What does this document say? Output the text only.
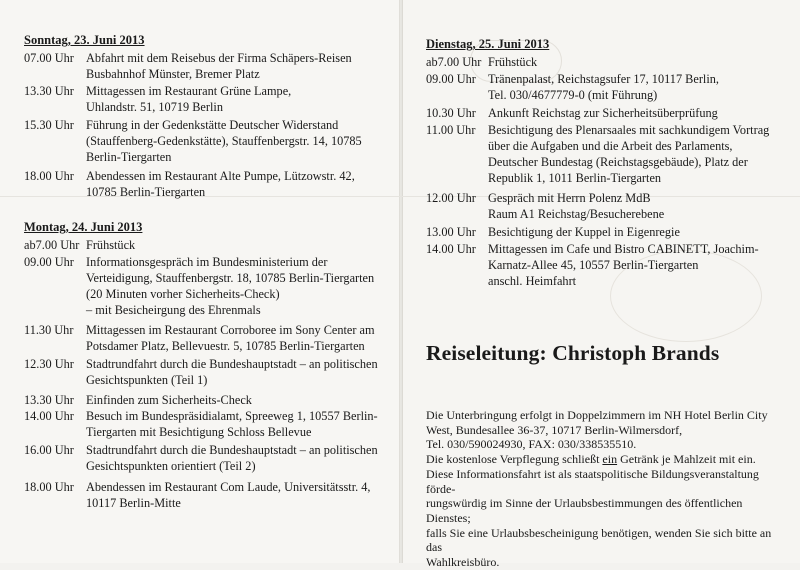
Sonntag, 23. Juni 2013
07.00 Uhr Abfahrt mit dem Reisebus der Firma Schäpers-Reisen
Busbahnhof Münster, Bremer Platz
13.30 Uhr Mittagessen im Restaurant Grüne Lampe,
Uhlandstr. 51, 10719 Berlin
15.30 Uhr Führung in der Gedenkstätte Deutscher Widerstand
(Stauffenberg-Gedenkstätte), Stauffenbergstr. 14, 10785
Berlin-Tiergarten
18.00 Uhr Abendessen im Restaurant Alte Pumpe, Lützowstr. 42,
10785 Berlin-Tiergarten
Montag, 24. Juni 2013
ab7.00 Uhr Frühstück
09.00 Uhr Informationsgespräch im Bundesministerium der
Verteidigung, Stauffenbergstr. 18, 10785 Berlin-Tiergarten
(20 Minuten vorher Sicherheits-Check)
– mit Besicheirgung des Ehrenmals
11.30 Uhr	Mittagessen im Restaurant Corroboree im Sony Center am
Potsdamer Platz, Bellevuestr. 5, 10785 Berlin-Tiergarten
12.30 Uhr Stadtrundfahrt durch die Bundeshauptstadt – an politischen
Gesichtspunkten (Teil 1)
13.30 Uhr Einfinden zum Sicherheits-Check
14.00 Uhr Besuch im Bundespräsidialamt, Spreeweg 1, 10557 Berlin-
Tiergarten mit Besichtigung Schloss Bellevue
16.00 Uhr Stadtrundfahrt durch die Bundeshauptstadt – an politischen
Gesichtspunkten orientiert (Teil 2)
18.00 Uhr Abendessen im Restaurant Com Laude, Universitätsstr. 4,
10117 Berlin-Mitte
Dienstag, 25. Juni 2013
ab7.00 Uhr Frühstück
09.00 Uhr Tränenpalast, Reichstagsufer 17, 10117 Berlin,
Tel. 030/4677779-0 (mit Führung)
10.30 Uhr Ankunft Reichstag zur Sicherheitsüberprüfung
11.00 Uhr	Besichtigung des Plenarsaales mit sachkundigem Vortrag
über die Aufgaben und die Arbeit des Parlaments,
Deutscher Bundestag (Reichstagsgebäude), Platz der
Republik 1, 1011 Berlin-Tiergarten
12.00 Uhr Gespräch mit Herrn Polenz MdB
Raum A1 Reichstag/Besucherebene
13.00 Uhr Besichtigung der Kuppel in Eigenregie
14.00 Uhr Mittagessen im Cafe und Bistro CABINETT, Joachim-
Karnatz-Allee 45, 10557 Berlin-Tiergarten
anschl. Heimfahrt
Reiseleitung: Christoph Brands

Die Unterbringung erfolgt in Doppelzimmern im NH Hotel Berlin City
West, Bundesallee 36-37, 10717 Berlin-Wilmersdorf,
Tel. 030/590024930, FAX: 030/338535510.

Die kostenlose Verpflegung schließt ein Getränk je Mahlzeit mit ein.

Diese Informationsfahrt ist als staatspolitische Bildungsveranstaltung förde-
rungswürdig im Sinne der Urlaubsbestimmungen des öffentlichen Dienstes;
falls Sie eine Urlaubsbescheinigung benötigen, wenden Sie sich bitte an das
Wahlkreisbüro.
